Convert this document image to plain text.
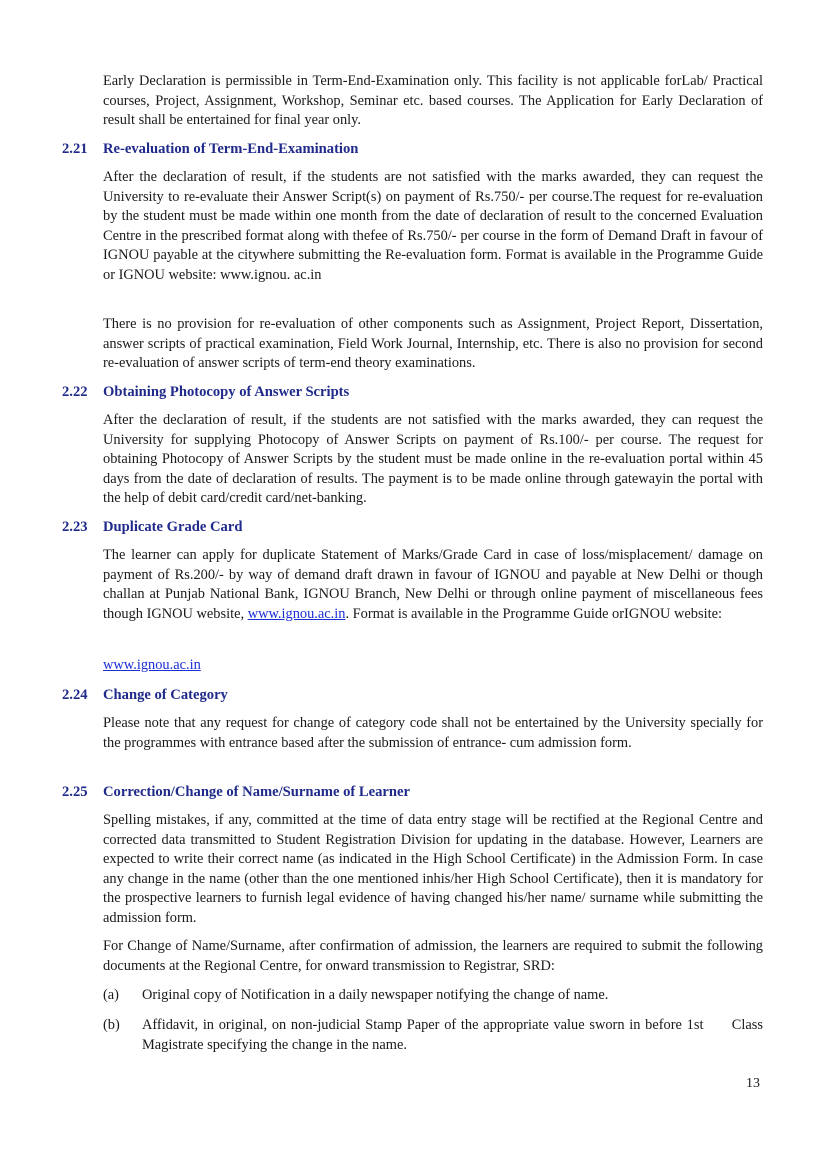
Early Declaration is permissible in Term-End-Examination only. This facility is not applicable forLab/ Practical courses, Project, Assignment, Workshop, Seminar etc. based courses. The Application for Early Declaration of result shall be entertained for final year only.

2.21 Re-evaluation of Term-End-Examination

After the declaration of result, if the students are not satisfied with the marks awarded, they can request the University to re-evaluate their Answer Script(s) on payment of Rs.750/- per course.The request for re-evaluation by the student must be made within one month from the date of declaration of result to the concerned Evaluation Centre in the prescribed format along with thefee of Rs.750/- per course in the form of Demand Draft in favour of IGNOU payable at the citywhere submitting the Re-evaluation form. Format is available in the Programme Guide or IGNOU website: www.ignou. ac.in

There is no provision for re-evaluation of other components such as Assignment, Project Report, Dissertation, answer scripts of practical examination, Field Work Journal, Internship, etc. There is also no provision for second re-evaluation of answer scripts of term-end theory examinations.

2.22 Obtaining Photocopy of Answer Scripts

After the declaration of result, if the students are not satisfied with the marks awarded, they can request the University for supplying Photocopy of Answer Scripts on payment of Rs.100/- per course. The request for obtaining Photocopy of Answer Scripts by the student must be made online in the re-evaluation portal within 45 days from the date of declaration of results. The payment is to be made online through gatewayin the portal with the help of debit card/credit card/net-banking.

2.23 Duplicate Grade Card

The learner can apply for duplicate Statement of Marks/Grade Card in case of loss/misplacement/ damage on payment of Rs.200/- by way of demand draft drawn in favour of IGNOU and payable at New Delhi or though challan at Punjab National Bank, IGNOU Branch, New Delhi or through online payment of miscellaneous fees though IGNOU website, www.ignou.ac.in. Format is available in the Programme Guide orIGNOU website:

www.ignou.ac.in

2.24 Change of Category

Please note that any request for change of category code shall not be entertained by the University specially for the programmes with entrance based after the submission of entrance- cum admission form.

2.25 Correction/Change of Name/Surname of Learner

Spelling mistakes, if any, committed at the time of data entry stage will be rectified at the Regional Centre and corrected data transmitted to Student Registration Division for updating in the database. However, Learners are expected to write their correct name (as indicated in the High School Certificate) in the Admission Form. In case any change in the name (other than the one mentioned inhis/her High School Certificate), then it is mandatory for the prospective learners to furnish legal evidence of having changed his/her name/ surname while submitting the admission form.

For Change of Name/Surname, after confirmation of admission, the learners are required to submit the following documents at the Regional Centre, for onward transmission to Registrar, SRD:

(a) Original copy of Notification in a daily newspaper notifying the change of name.
(b) Affidavit, in original, on non-judicial Stamp Paper of the appropriate value sworn in before 1st      Class Magistrate specifying the change in the name.
13
